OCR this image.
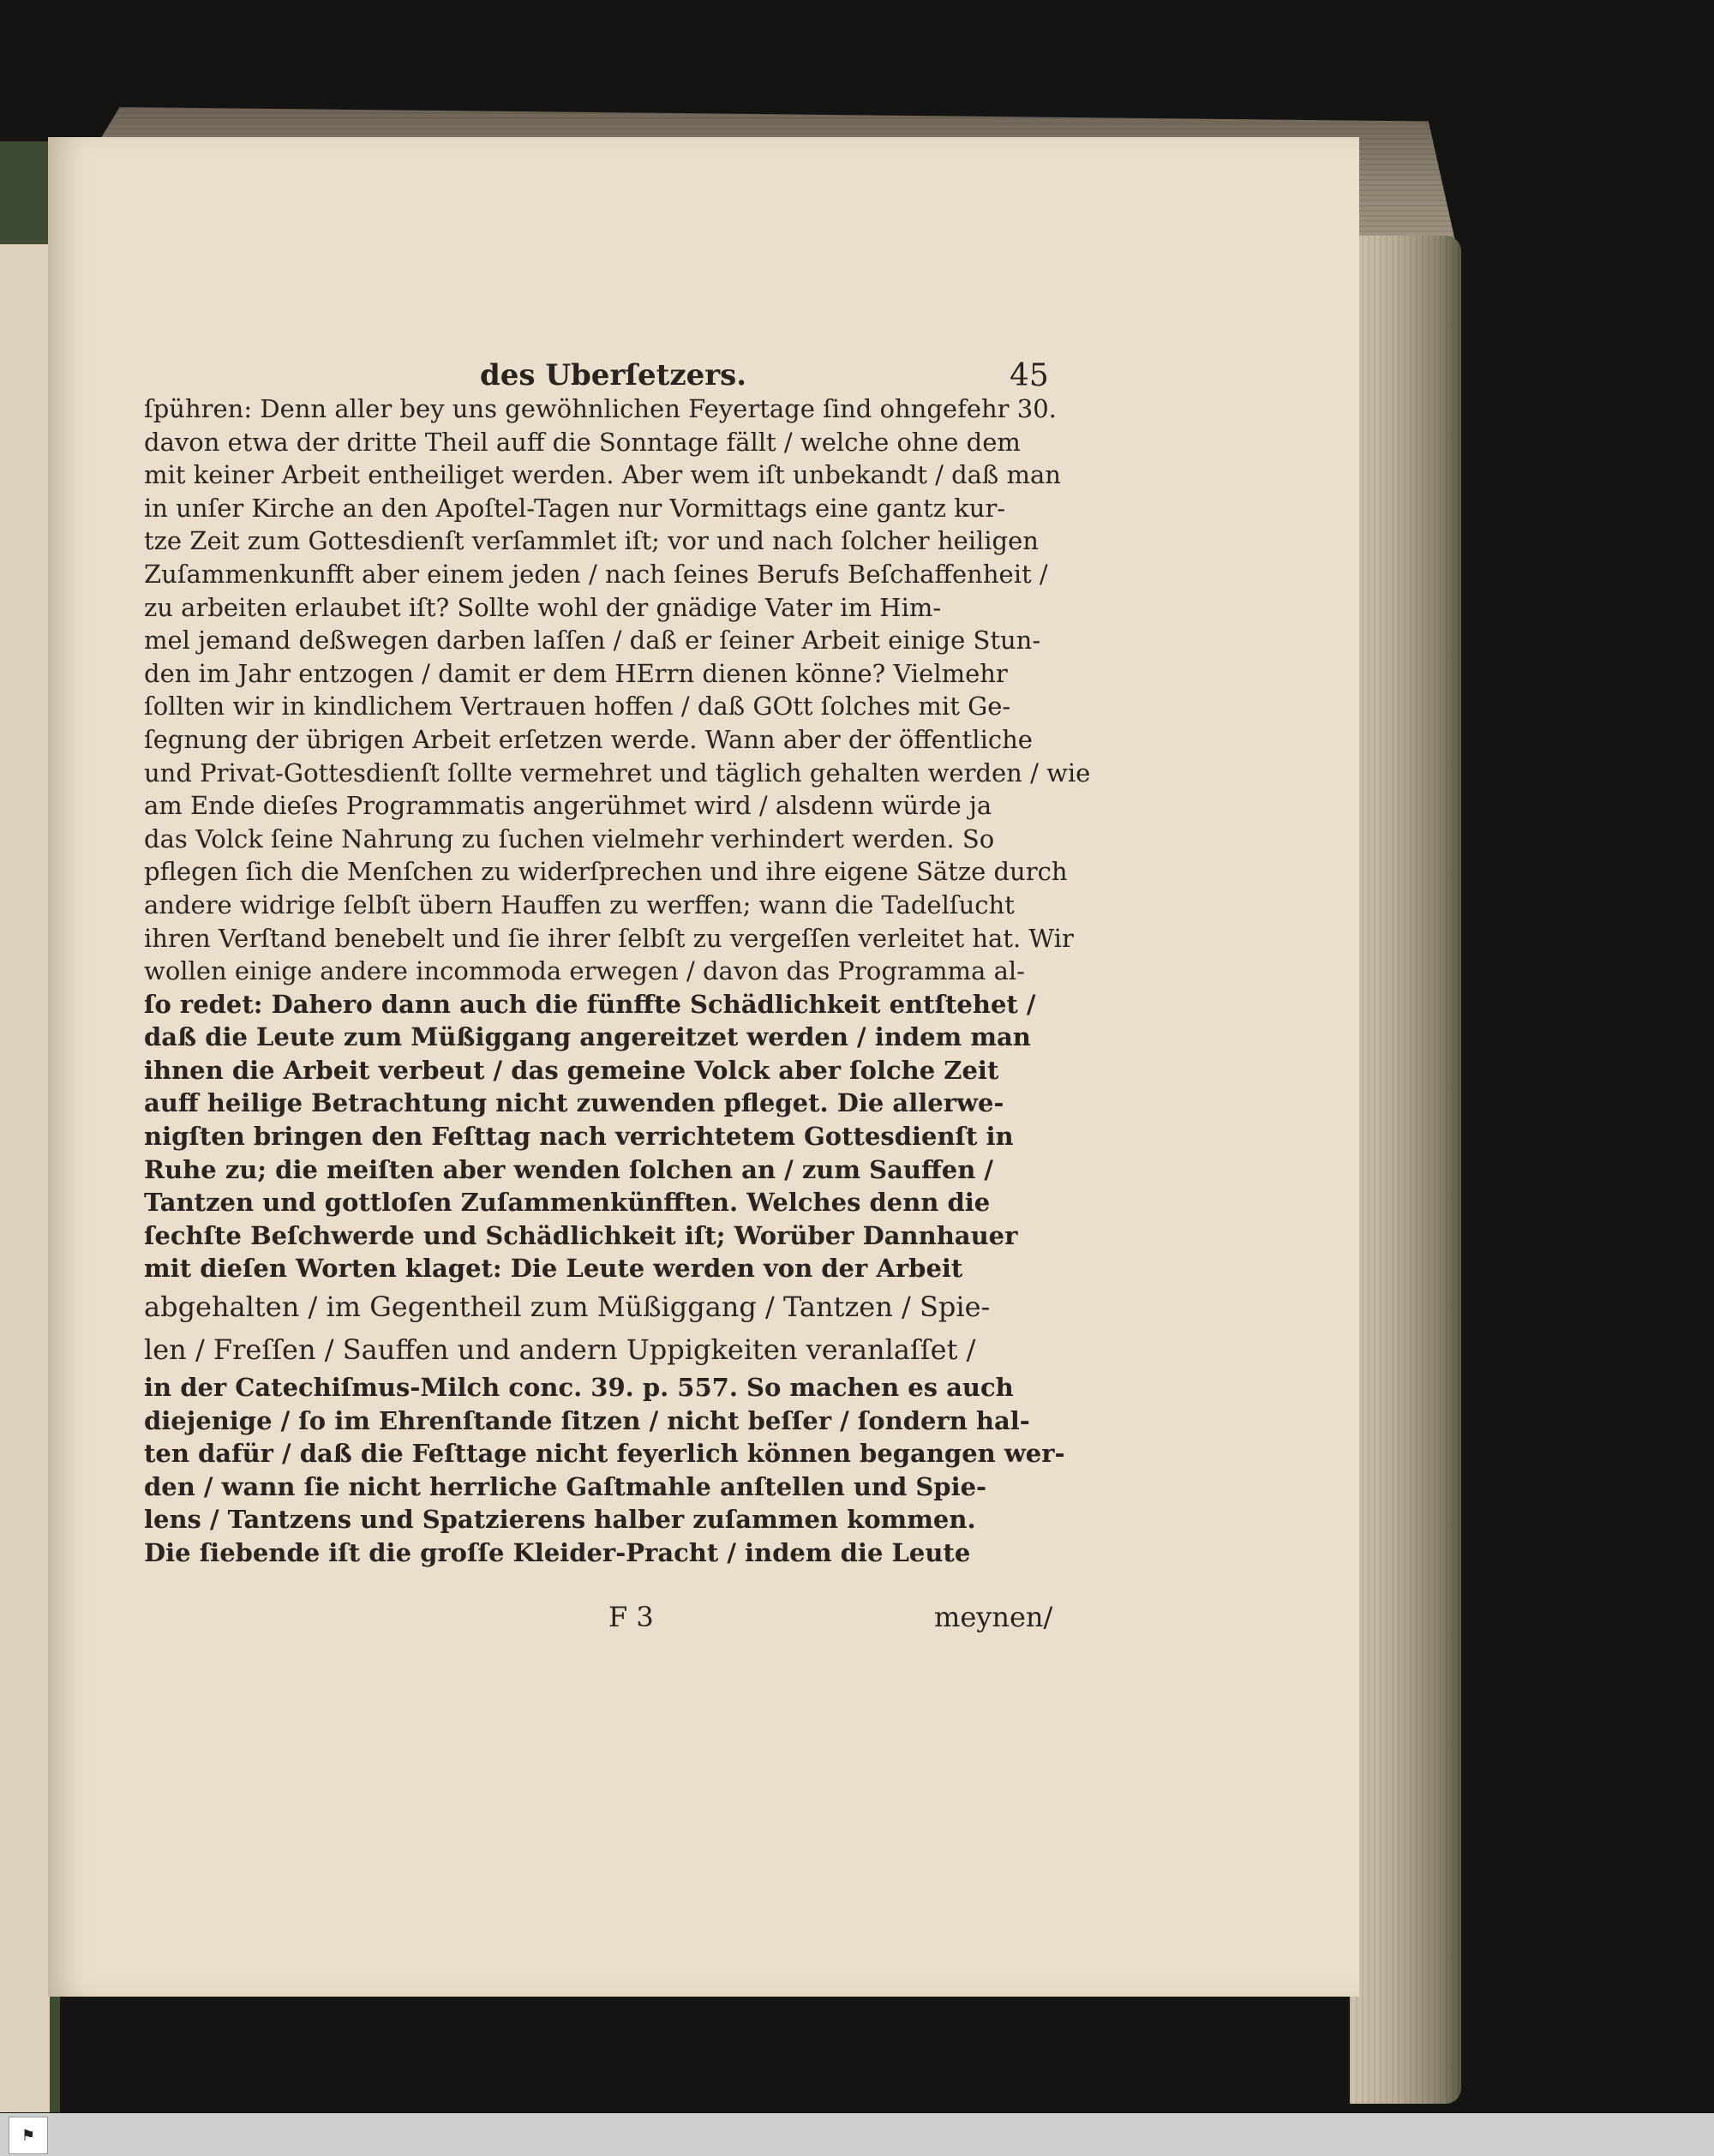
des Uberſetzers.	45
ſpühren: Denn aller bey uns gewöhnlichen Feyertage ſind ohngefehr 30.
davon etwa der dritte Theil auff die Sonntage fällt / welche ohne dem
mit keiner Arbeit entheiliget werden. Aber wem iſt unbekandt / daß man
in unſer Kirche an den Apoſtel-Tagen nur Vormittags eine gantz kur-
tze Zeit zum Gottesdienſt verſammlet iſt; vor und nach ſolcher heiligen
Zuſammenkunfft aber einem jeden / nach ſeines Berufs Beſchaffenheit /
zu arbeiten erlaubet iſt? Sollte wohl der gnädige Vater im Him-
mel jemand deßwegen darben laſſen / daß er ſeiner Arbeit einige Stun-
den im Jahr entzogen / damit er dem HErrn dienen könne? Vielmehr
ſollten wir in kindlichem Vertrauen hoffen / daß GOtt ſolches mit Ge-
ſegnung der übrigen Arbeit erſetzen werde. Wann aber der öffentliche
und Privat-Gottesdienſt ſollte vermehret und täglich gehalten werden / wie
am Ende dieſes Programmatis angerühmet wird / alsdenn würde ja
das Volck ſeine Nahrung zu ſuchen vielmehr verhindert werden. So
pflegen ſich die Menſchen zu widerſprechen und ihre eigene Sätze durch
andere widrige ſelbſt übern Hauffen zu werffen; wann die Tadelſucht
ihren Verſtand benebelt und ſie ihrer ſelbſt zu vergeſſen verleitet hat. Wir
wollen einige andere incommoda erwegen / davon das Programma al-
ſo redet: Dahero dann auch die fünffte Schädlichkeit entſtehet /
daß die Leute zum Müßiggang angereitzet werden / indem man
ihnen die Arbeit verbeut / das gemeine Volck aber ſolche Zeit
auff heilige Betrachtung nicht zuwenden pfleget. Die allerwe-
nigſten bringen den Feſttag nach verrichtetem Gottesdienſt in
Ruhe zu; die meiſten aber wenden ſolchen an / zum Sauffen /
Tantzen und gottloſen Zuſammenkünfften. Welches denn die
ſechſte Beſchwerde und Schädlichkeit iſt; Worüber Dannhauer
mit dieſen Worten klaget: Die Leute werden von der Arbeit
abgehalten / im Gegentheil zum Müßiggang / Tantzen / Spie-
len / Freſſen / Sauffen und andern Uppigkeiten veranlaſſet /
in der Catechiſmus-Milch conc. 39. p. 557. So machen es auch
diejenige / ſo im Ehrenſtande ſitzen / nicht beſſer / ſondern hal-
ten dafür / daß die Feſttage nicht feyerlich können begangen wer-
den / wann ſie nicht herrliche Gaſtmahle anſtellen und Spie-
lens / Tantzens und Spatzierens halber zuſammen kommen.
Die ſiebende iſt die groſſe Kleider-Pracht / indem die Leute
F 3	meynen/
⚑
